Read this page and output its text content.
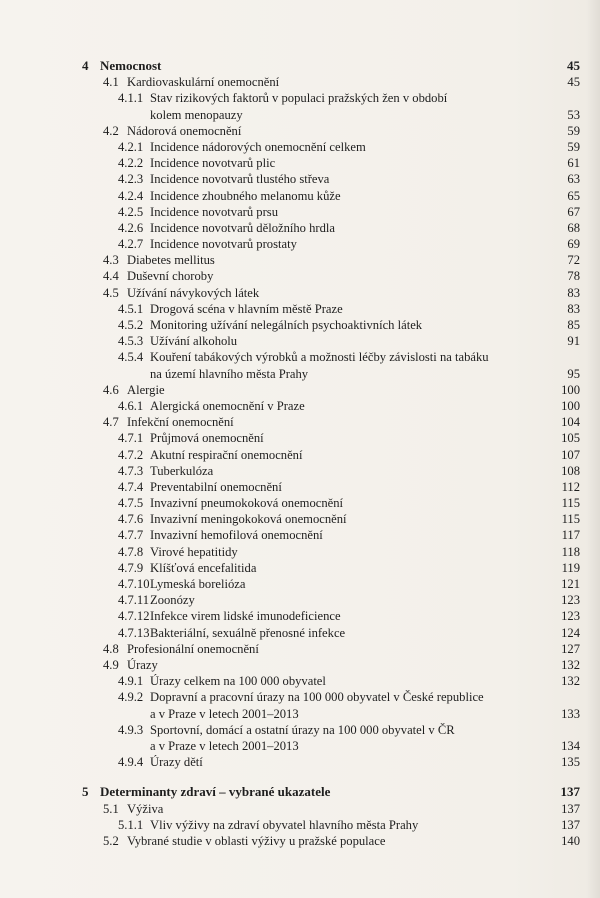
4 Nemocnost	45
4.1 Kardiovaskulární onemocnění	45
4.1.1 Stav rizikových faktorů v populaci pražských žen v období
kolem menopauzy	53
4.2 Nádorová onemocnění	59
4.2.1 Incidence nádorových onemocnění celkem	59
4.2.2 Incidence novotvarů plic	61
4.2.3 Incidence novotvarů tlustého střeva	63
4.2.4 Incidence zhoubného melanomu kůže	65
4.2.5 Incidence novotvarů prsu	67
4.2.6 Incidence novotvarů děložního hrdla	68
4.2.7 Incidence novotvarů prostaty	69
4.3 Diabetes mellitus	72
4.4 Duševní choroby	78
4.5 Užívání návykových látek	83
4.5.1 Drogová scéna v hlavním městě Praze	83
4.5.2 Monitoring užívání nelegálních psychoaktivních látek	85
4.5.3 Užívání alkoholu	91
4.5.4 Kouření tabákových výrobků a možnosti léčby závislosti na tabáku
na území hlavního města Prahy	95
4.6 Alergie	100
4.6.1 Alergická onemocnění v Praze	100
4.7 Infekční onemocnění	104
4.7.1 Průjmová onemocnění	105
4.7.2 Akutní respirační onemocnění	107
4.7.3 Tuberkulóza	108
4.7.4 Preventabilní onemocnění	112
4.7.5 Invazivní pneumokoková onemocnění	115
4.7.6 Invazivní meningokoková onemocnění	115
4.7.7 Invazivní hemofilová onemocnění	117
4.7.8 Virové hepatitidy	118
4.7.9 Klíšťová encefalitida	119
4.7.10 Lymeská borelióza	121
4.7.11 Zoonózy	123
4.7.12 Infekce virem lidské imunodeficience	123
4.7.13 Bakteriální, sexuálně přenosné infekce	124
4.8 Profesionální onemocnění	127
4.9 Úrazy	132
4.9.1 Úrazy celkem na 100 000 obyvatel	132
4.9.2 Dopravní a pracovní úrazy na 100 000 obyvatel v České republice
a v Praze v letech 2001–2013	133
4.9.3 Sportovní, domácí a ostatní úrazy na 100 000 obyvatel v ČR
a v Praze v letech 2001–2013	134
4.9.4 Úrazy dětí	135
5 Determinanty zdraví – vybrané ukazatele	137
5.1 Výživa	137
5.1.1 Vliv výživy na zdraví obyvatel hlavního města Prahy	137
5.2 Vybrané studie v oblasti výživy u pražské populace	140
